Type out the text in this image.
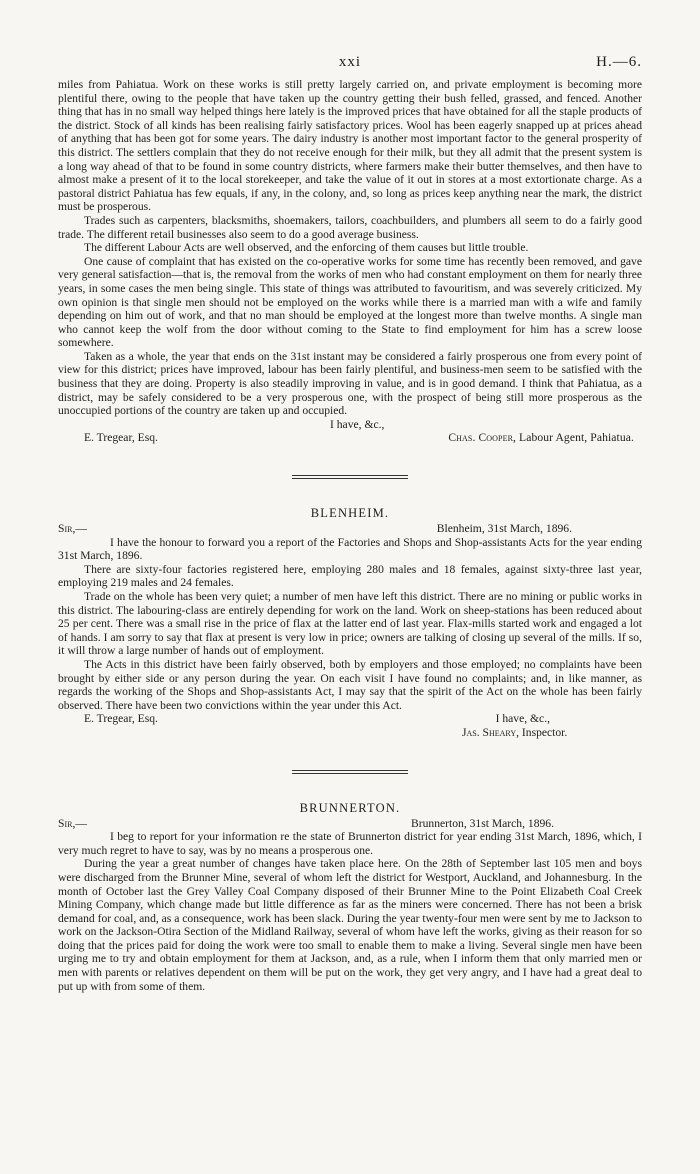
xxi	H.—6.

miles from Pahiatua. Work on these works is still pretty largely carried on, and private employment is becoming more plentiful there, owing to the people that have taken up the country getting their bush felled, grassed, and fenced. Another thing that has in no small way helped things here lately is the improved prices that have obtained for all the staple products of the district. Stock of all kinds has been realising fairly satisfactory prices. Wool has been eagerly snapped up at prices ahead of anything that has been got for some years. The dairy industry is another most important factor to the general prosperity of this district. The settlers complain that they do not receive enough for their milk, but they all admit that the present system is a long way ahead of that to be found in some country districts, where farmers make their butter themselves, and then have to almost make a present of it to the local storekeeper, and take the value of it out in stores at a most extortionate charge. As a pastoral district Pahiatua has few equals, if any, in the colony, and, so long as prices keep anything near the mark, the district must be prosperous.

Trades such as carpenters, blacksmiths, shoemakers, tailors, coachbuilders, and plumbers all seem to do a fairly good trade. The different retail businesses also seem to do a good average business.

The different Labour Acts are well observed, and the enforcing of them causes but little trouble.

One cause of complaint that has existed on the co-operative works for some time has recently been removed, and gave very general satisfaction—that is, the removal from the works of men who had constant employment on them for nearly three years, in some cases the men being single. This state of things was attributed to favouritism, and was severely criticized. My own opinion is that single men should not be employed on the works while there is a married man with a wife and family depending on him out of work, and that no man should be employed at the longest more than twelve months. A single man who cannot keep the wolf from the door without coming to the State to find employment for him has a screw loose somewhere.

Taken as a whole, the year that ends on the 31st instant may be considered a fairly prosperous one from every point of view for this district; prices have improved, labour has been fairly plentiful, and business-men seem to be satisfied with the business that they are doing. Property is also steadily improving in value, and is in good demand. I think that Pahiatua, as a district, may be safely considered to be a very prosperous one, with the prospect of being still more prosperous as the unoccupied portions of the country are taken up and occupied.

I have, &c.,
E. Tregear, Esq.	Chas. Cooper, Labour Agent, Pahiatua.
BLENHEIM.
Sir,—	Blenheim, 31st March, 1896.

I have the honour to forward you a report of the Factories and Shops and Shop-assistants Acts for the year ending 31st March, 1896.

There are sixty-four factories registered here, employing 280 males and 18 females, against sixty-three last year, employing 219 males and 24 females.

Trade on the whole has been very quiet; a number of men have left this district. There are no mining or public works in this district. The labouring-class are entirely depending for work on the land. Work on sheep-stations has been reduced about 25 per cent. There was a small rise in the price of flax at the latter end of last year. Flax-mills started work and engaged a lot of hands. I am sorry to say that flax at present is very low in price; owners are talking of closing up several of the mills. If so, it will throw a large number of hands out of employment.

The Acts in this district have been fairly observed, both by employers and those employed; no complaints have been brought by either side or any person during the year. On each visit I have found no complaints; and, in like manner, as regards the working of the Shops and Shop-assistants Act, I may say that the spirit of the Act on the whole has been fairly observed. There have been two convictions within the year under this Act.

E. Tregear, Esq.	I have, &c.,
Jas. Sheary, Inspector.
BRUNNERTON.
Sir,—	Brunnerton, 31st March, 1896.

I beg to report for your information re the state of Brunnerton district for year ending 31st March, 1896, which, I very much regret to have to say, was by no means a prosperous one.

During the year a great number of changes have taken place here. On the 28th of September last 105 men and boys were discharged from the Brunner Mine, several of whom left the district for Westport, Auckland, and Johannesburg. In the month of October last the Grey Valley Coal Company disposed of their Brunner Mine to the Point Elizabeth Coal Creek Mining Company, which change made but little difference as far as the miners were concerned. There has not been a brisk demand for coal, and, as a consequence, work has been slack. During the year twenty-four men were sent by me to Jackson to work on the Jackson-Otira Section of the Midland Railway, several of whom have left the works, giving as their reason for so doing that the prices paid for doing the work were too small to enable them to make a living. Several single men have been urging me to try and obtain employment for them at Jackson, and, as a rule, when I inform them that only married men or men with parents or relatives dependent on them will be put on the work, they get very angry, and I have had a great deal to put up with from some of them.
